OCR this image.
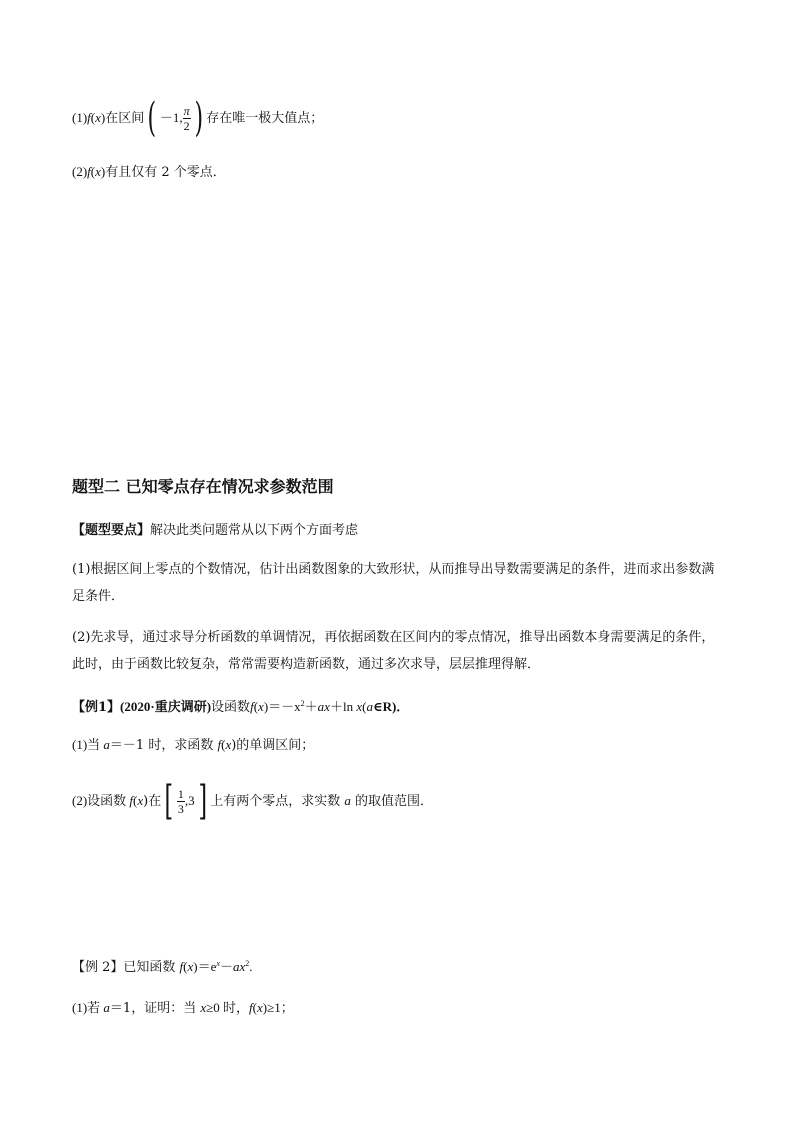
(1)f(x)在区间( －1, $\frac{\pi}{2}$ ) 存在唯一极大值点；
(2)f(x)有且仅有 2 个零点．
题型二 已知零点存在情况求参数范围
【题型要点】解决此类问题常从以下两个方面考虑
(1)根据区间上零点的个数情况，估计出函数图象的大致形状，从而推导出导数需要满足的条件，进而求出参数满足条件．
(2)先求导，通过求导分析函数的单调情况，再依据函数在区间内的零点情况，推导出函数本身需要满足的条件，此时，由于函数比较复杂，常常需要构造新函数，通过多次求导，层层推理得解．
【例1】(2020·重庆调研)设函数$f(x)=-x^2+ax+\ln$ x(a∈R)．
(1)当 a＝－1 时，求函数 f(x)的单调区间；
(2)设函数 f(x)在[ $\frac{1}{3} ,3$] 上有两个零点，求实数 a 的取值范围．
【例 2】已知函数 $f(x)=e^x-ax^2$.
(1)若 a＝1，证明：当 x≥0 时，f(x)≥1；
